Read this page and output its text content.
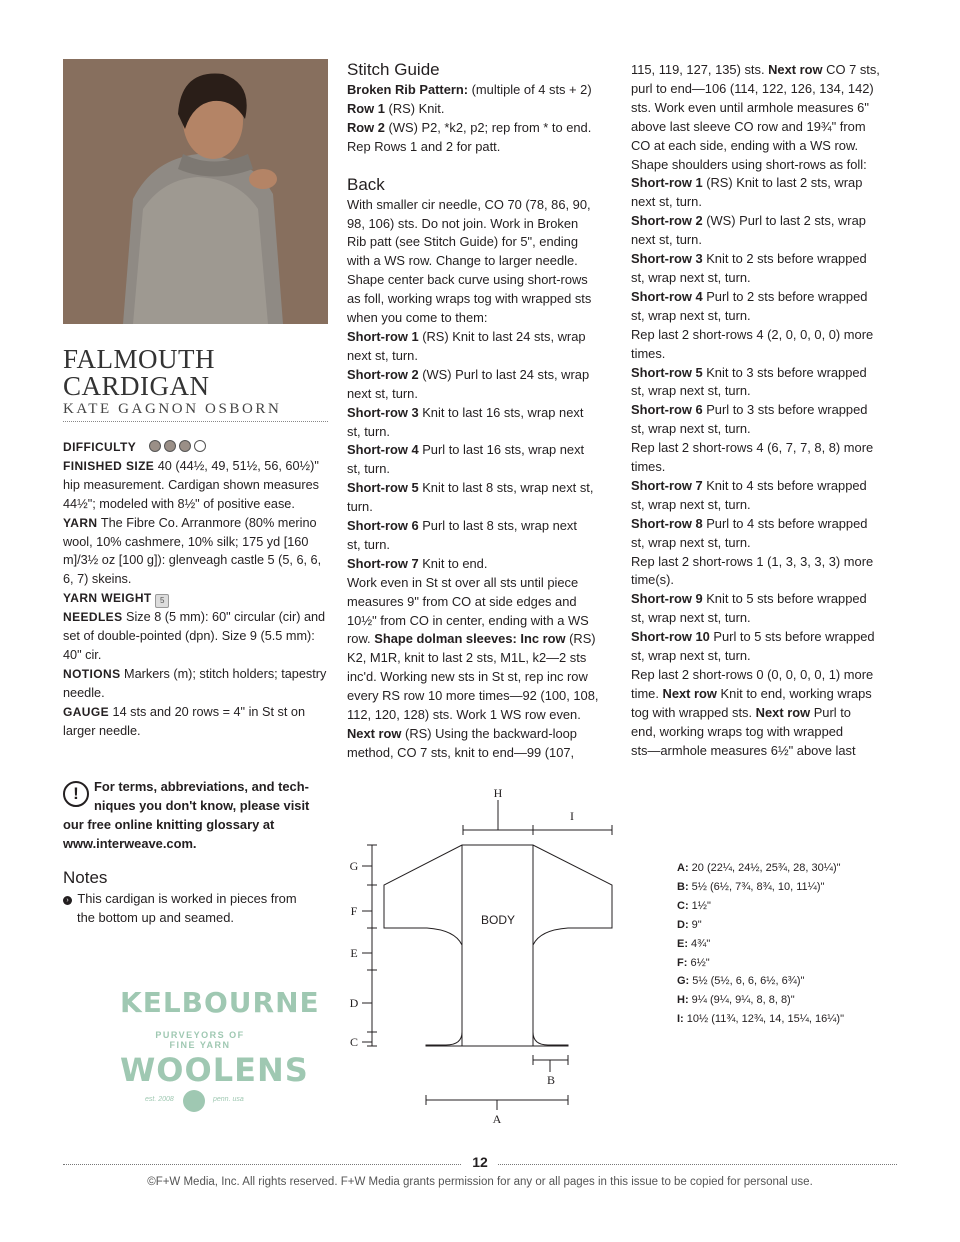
FALMOUTH
CARDIGAN
KATE GAGNON OSBORN

DIFFICULTY

FINISHED SIZE 40 (44½, 49, 51½, 56, 60½)" hip measurement. Cardigan shown measures 44½"; modeled with 8½" of positive ease.

YARN The Fibre Co. Arranmore (80% merino wool, 10% cashmere, 10% silk; 175 yd [160 m]/3½ oz [100 g]): glenveagh castle 5 (5, 6, 6, 6, 7) skeins.

YARN WEIGHT 5

NEEDLES Size 8 (5 mm): 60" circular (cir) and set of double-pointed (dpn). Size 9 (5.5 mm): 40" cir.

NOTIONS Markers (m); stitch holders; tapestry needle.

GAUGE 14 sts and 20 rows = 4" in St st on larger needle.

!	For terms, abbreviations, and tech-
niques you don't know, please visit
our free online knitting glossary at
www.interweave.com.
Notes
› This cardigan is worked in pieces from
the bottom up and seamed.
KELBOURNE
PURVEYORS OF
FINE YARN
WOOLENS
est. 2008	penn. usa
Stitch Guide

Broken Rib Pattern: (multiple of 4 sts + 2)

Row 1 (RS) Knit.

Row 2 (WS) P2, *k2, p2; rep from * to end.

Rep Rows 1 and 2 for patt.

Back

With smaller cir needle, CO 70 (78, 86, 90,

98, 106) sts. Do not join. Work in Broken

Rib patt (see Stitch Guide) for 5", ending

with a WS row. Change to larger needle.

Shape center back curve using short-rows

as foll, working wraps tog with wrapped sts

when you come to them:

Short-row 1 (RS) Knit to last 24 sts, wrap

next st, turn.

Short-row 2 (WS) Purl to last 24 sts, wrap

next st, turn.

Short-row 3 Knit to last 16 sts, wrap next

st, turn.

Short-row 4 Purl to last 16 sts, wrap next

st, turn.

Short-row 5 Knit to last 8 sts, wrap next st,

turn.

Short-row 6 Purl to last 8 sts, wrap next

st, turn.

Short-row 7 Knit to end.

Work even in St st over all sts until piece

measures 9" from CO at side edges and

10½" from CO in center, ending with a WS

row. Shape dolman sleeves: Inc row (RS)

K2, M1R, knit to last 2 sts, M1L, k2—2 sts

inc'd. Working new sts in St st, rep inc row

every RS row 10 more times—92 (100, 108,

112, 120, 128) sts. Work 1 WS row even.

Next row (RS) Using the backward-loop

method, CO 7 sts, knit to end—99 (107,

115, 119, 127, 135) sts. Next row CO 7 sts,

purl to end—106 (114, 122, 126, 134, 142)

sts. Work even until armhole measures 6"

above last sleeve CO row and 19¾" from

CO at each side, ending with a WS row.

Shape shoulders using short-rows as foll:

Short-row 1 (RS) Knit to last 2 sts, wrap

next st, turn.

Short-row 2 (WS) Purl to last 2 sts, wrap

next st, turn.

Short-row 3 Knit to 2 sts before wrapped

st, wrap next st, turn.

Short-row 4 Purl to 2 sts before wrapped

st, wrap next st, turn.

Rep last 2 short-rows 4 (2, 0, 0, 0, 0) more

times.

Short-row 5 Knit to 3 sts before wrapped

st, wrap next st, turn.

Short-row 6 Purl to 3 sts before wrapped

st, wrap next st, turn.

Rep last 2 short-rows 4 (6, 7, 7, 8, 8) more

times.

Short-row 7 Knit to 4 sts before wrapped

st, wrap next st, turn.

Short-row 8 Purl to 4 sts before wrapped

st, wrap next st, turn.

Rep last 2 short-rows 1 (1, 3, 3, 3, 3) more

time(s).

Short-row 9 Knit to 5 sts before wrapped

st, wrap next st, turn.

Short-row 10 Purl to 5 sts before wrapped

st, wrap next st, turn.

Rep last 2 short-rows 0 (0, 0, 0, 0, 1) more

time. Next row Knit to end, working wraps

tog with wrapped sts. Next row Purl to

end, working wraps tog with wrapped

sts—armhole measures 6½" above last

H
I
G
F
E
D
C
B
A
BODY

A: 20 (22¼, 24½, 25¾, 28, 30¼)"

B: 5½ (6½, 7¾, 8¾, 10, 11¼)"

C: 1½"

D: 9"

E: 4¾"

F: 6½"

G: 5½ (5½, 6, 6, 6½, 6¾)"

H: 9¼ (9¼, 9¼, 8, 8, 8)"

I: 10½ (11¾, 12¾, 14, 15¼, 16¼)"

12
©F+W Media, Inc. All rights reserved. F+W Media grants permission for any or all pages in this issue to be copied for personal use.
